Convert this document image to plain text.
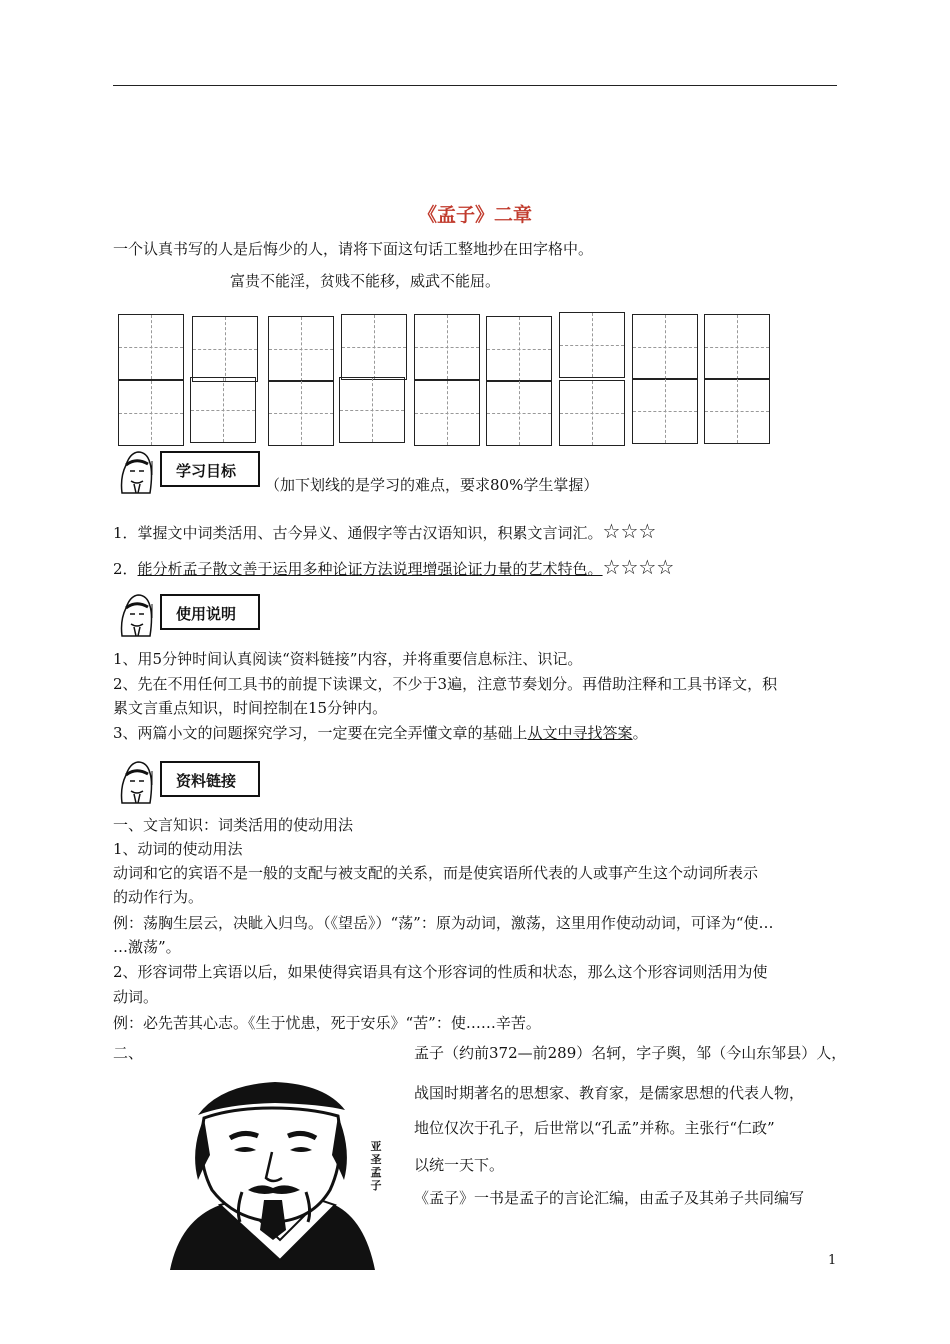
《孟子》二章
一个认真书写的人是后悔少的人，请将下面这句话工整地抄在田字格中。
富贵不能淫，贫贱不能移，威武不能屈。
学习目标
（加下划线的是学习的难点，要求80%学生掌握）
1．掌握文中词类活用、古今异义、通假字等古汉语知识，积累文言词汇。☆☆☆
2．能分析孟子散文善于运用多种论证方法说理增强论证力量的艺术特色。☆☆☆☆
使用说明
1、用5分钟时间认真阅读“资料链接”内容，并将重要信息标注、识记。
2、先在不用任何工具书的前提下读课文，不少于3遍，注意节奏划分。再借助注释和工具书译文，积
累文言重点知识，时间控制在15分钟内。
3、两篇小文的问题探究学习，一定要在完全弄懂文章的基础上从文中寻找答案。
资料链接
一、文言知识：词类活用的使动用法
1、动词的使动用法
动词和它的宾语不是一般的支配与被支配的关系，而是使宾语所代表的人或事产生这个动词所表示
的动作行为。
例：荡胸生层云，决眦入归鸟。（《望岳》）“荡”：原为动词，激荡，这里用作使动动词，可译为“使…
…激荡”。
2、形容词带上宾语以后，如果使得宾语具有这个形容词的性质和状态，那么这个形容词则活用为使
动词。
例：必先苦其心志。《生于忧患，死于安乐》“苦”：使……辛苦。
二、	孟子（约前372—前289）名轲，字子舆，邹（今山东邹县）人，
战国时期著名的思想家、教育家，是儒家思想的代表人物，
地位仅次于孔子，后世常以“孔孟”并称。主张行“仁政”
以统一天下。
《孟子》一书是孟子的言论汇编，由孟子及其弟子共同编写
亚圣孟子
1
